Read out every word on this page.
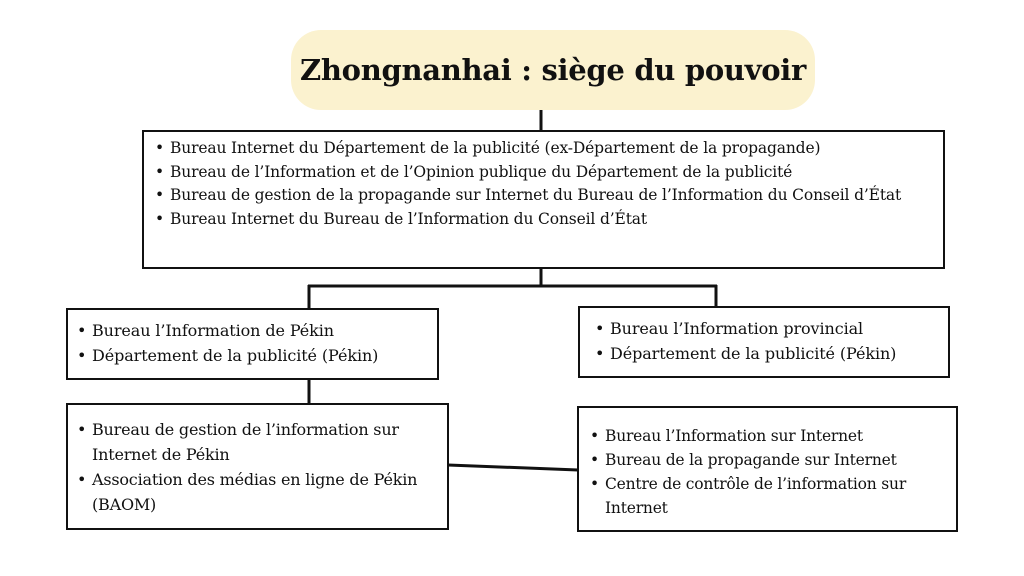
Zhongnanhai : siège du pouvoir
• Bureau Internet du Département de la publicité (ex-Département de la propagande)
• Bureau de l’Information et de l’Opinion publique du Département de la publicité
• Bureau de gestion de la propagande sur Internet du Bureau de l’Information du Conseil d’État
• Bureau Internet du Bureau de l’Information du Conseil d’État
• Bureau l’Information de Pékin
• Département de la publicité (Pékin)
• Bureau l’Information provincial
• Département de la publicité (Pékin)
• Bureau de gestion de l’information sur Internet de Pékin
• Association des médias en ligne de Pékin (BAOM)
• Bureau l’Information sur Internet
• Bureau de la propagande sur Internet
• Centre de contrôle de l’information sur Internet
